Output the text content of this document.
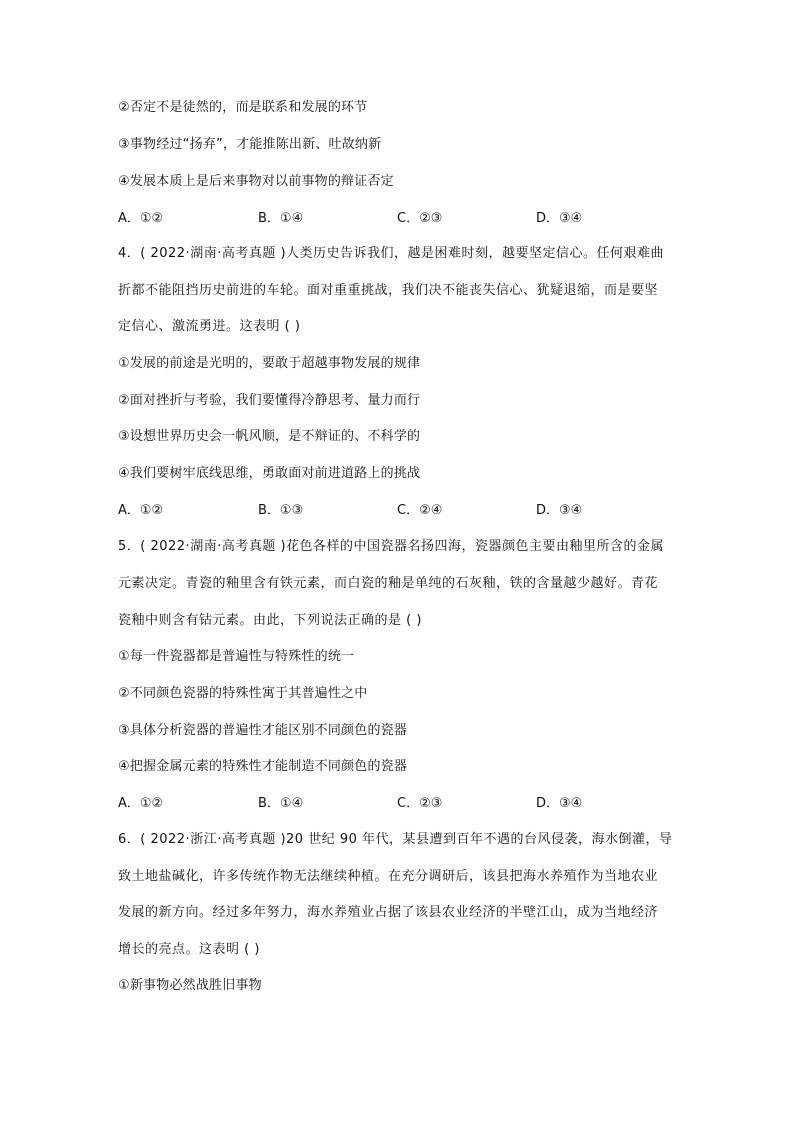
②否定不是徒然的，而是联系和发展的环节
③事物经过“扬弃”，才能推陈出新、吐故纳新
④发展本质上是后来事物对以前事物的辩证否定
A．①②	B．①④	C．②③	D．③④
4．( 2022·湖南·高考真题 )人类历史告诉我们，越是困难时刻，越要坚定信心。任何艰难曲
折都不能阻挡历史前进的车轮。面对重重挑战，我们决不能丧失信心、犹疑退缩，而是要坚
定信心、激流勇进。这表明 ( )
①发展的前途是光明的，要敢于超越事物发展的规律
②面对挫折与考验，我们要懂得冷静思考、量力而行
③设想世界历史会一帆风顺，是不辩证的、不科学的
④我们要树牢底线思维，勇敢面对前进道路上的挑战
A．①②	B．①③	C．②④	D．③④
5．( 2022·湖南·高考真题 )花色各样的中国瓷器名扬四海，瓷器颜色主要由釉里所含的金属
元素决定。青瓷的釉里含有铁元素，而白瓷的釉是单纯的石灰釉，铁的含量越少越好。青花
瓷釉中则含有钴元素。由此，下列说法正确的是 ( )
①每一件瓷器都是普遍性与特殊性的统一
②不同颜色瓷器的特殊性寓于其普遍性之中
③具体分析瓷器的普遍性才能区别不同颜色的瓷器
④把握金属元素的特殊性才能制造不同颜色的瓷器
A．①②	B．①④	C．②③	D．③④
6．( 2022·浙江·高考真题 )20 世纪 90 年代，某县遭到百年不遇的台风侵袭，海水倒灌，导
致土地盐碱化，许多传统作物无法继续种植。在充分调研后，该县把海水养殖作为当地农业
发展的新方向。经过多年努力，海水养殖业占据了该县农业经济的半壁江山，成为当地经济
增长的亮点。这表明 ( )
①新事物必然战胜旧事物
